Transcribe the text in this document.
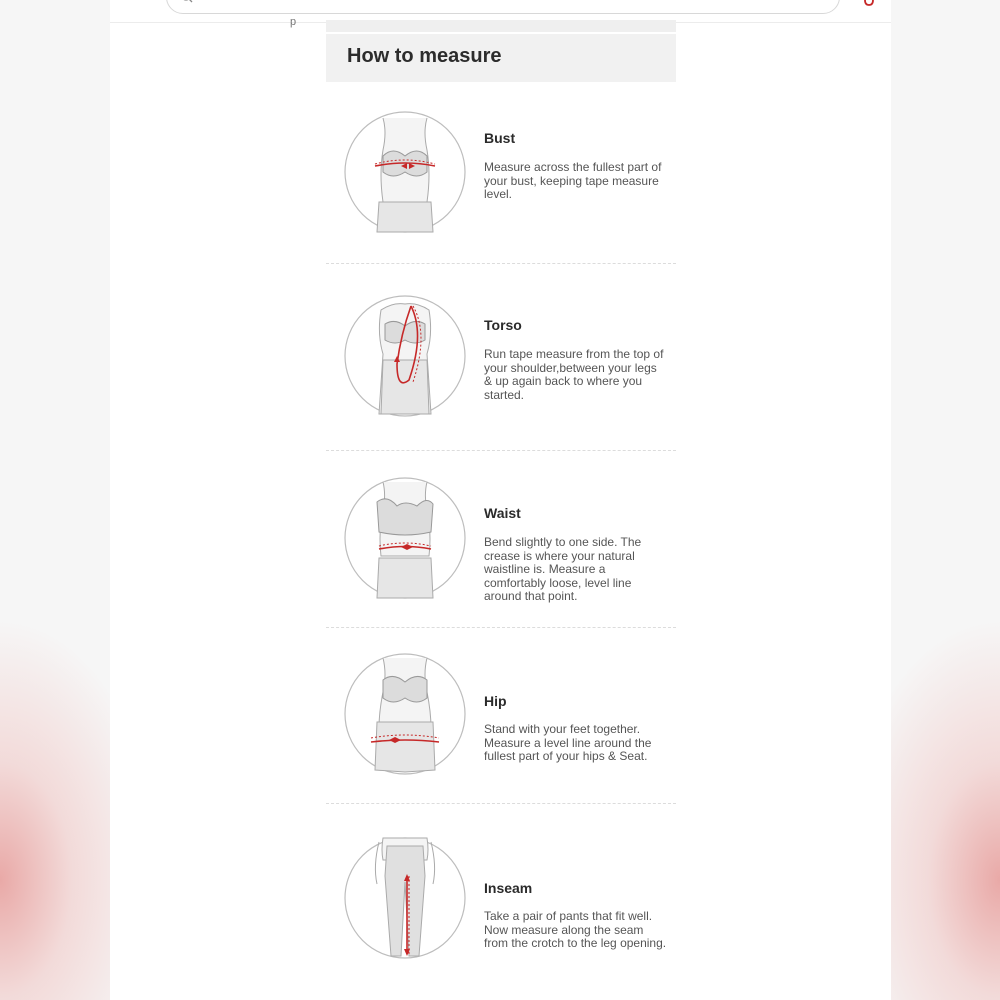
p
How to measure
Bust

Measure across the fullest part of your bust, keeping tape measure level.

Torso

Run tape measure from the top of your shoulder,between your legs & up again back to where you started.

Waist

Bend slightly to one side. The crease is where your natural waistline is. Measure a comfortably loose, level line around that point.

Hip

Stand with your feet together. Measure a level line around the fullest part of your hips & Seat.

Inseam

Take a pair of pants that fit well. Now measure along the seam from the crotch to the leg opening.
